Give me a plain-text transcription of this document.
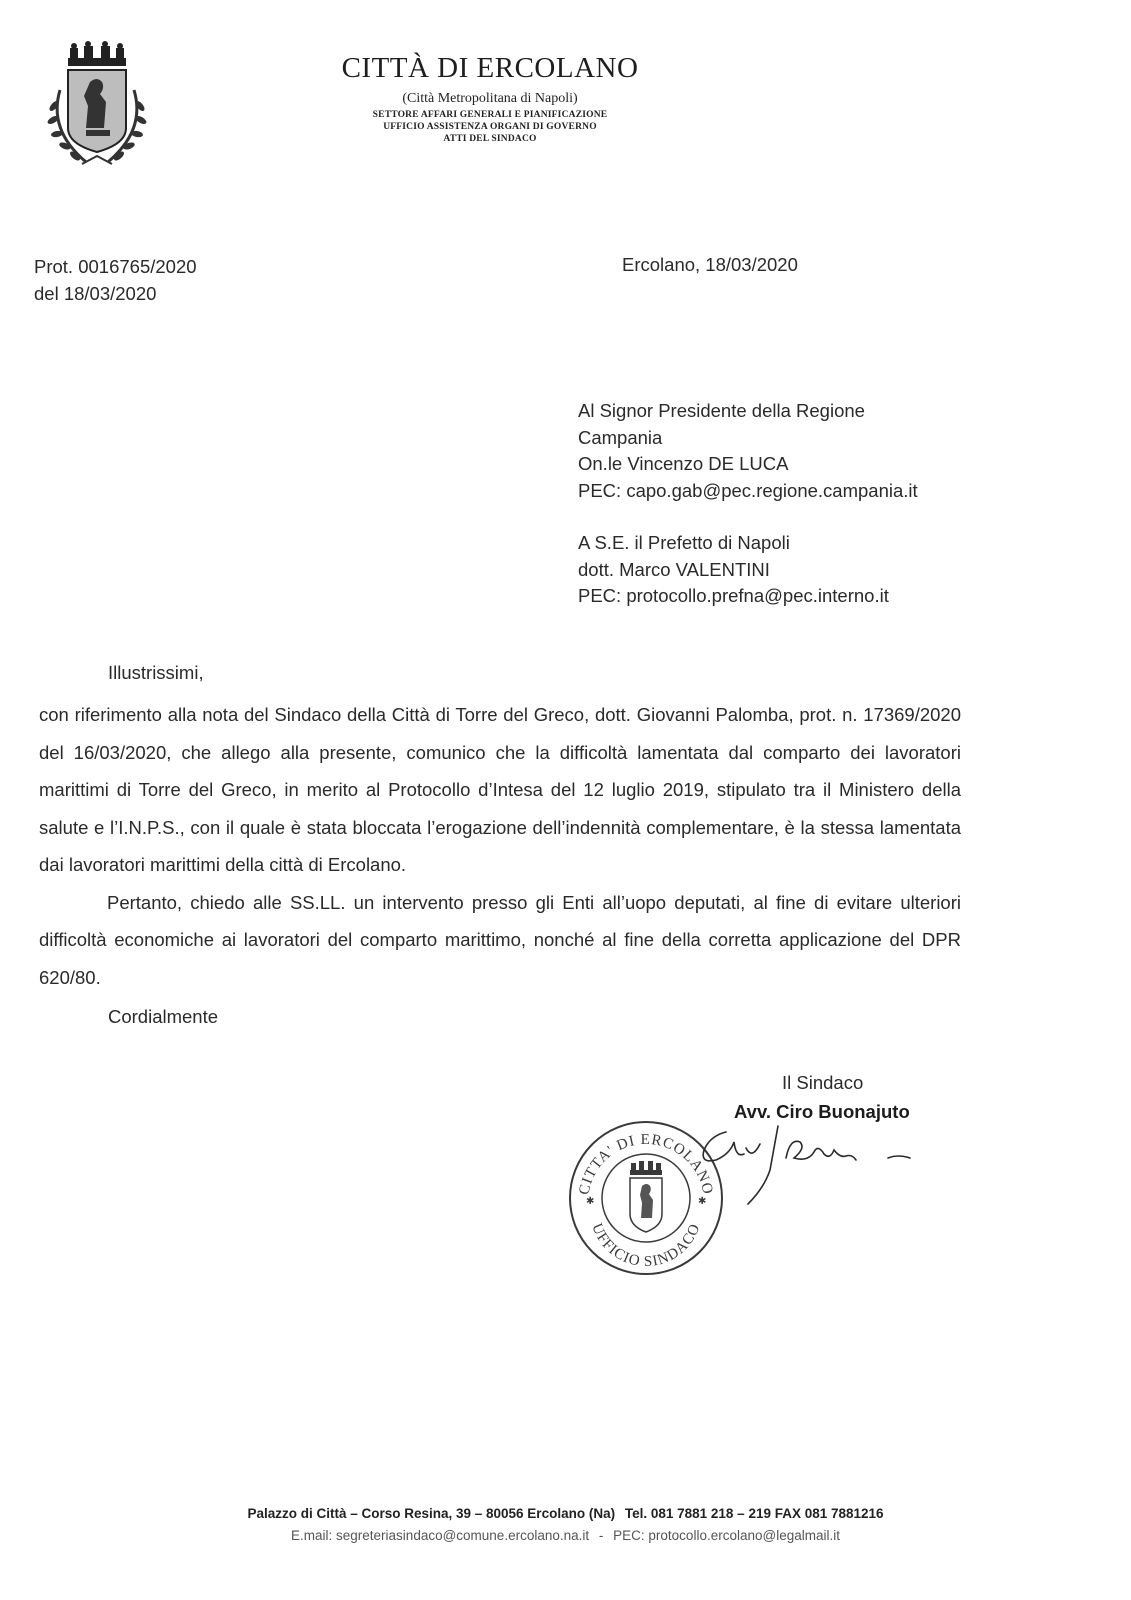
CITTÀ DI ERCOLANO
(Città Metropolitana di Napoli)
SETTORE AFFARI GENERALI E PIANIFICAZIONE
UFFICIO ASSISTENZA ORGANI DI GOVERNO
ATTI DEL SINDACO
Prot. 0016765/2020
del 18/03/2020
Ercolano, 18/03/2020
Al Signor Presidente della Regione
Campania
On.le Vincenzo DE LUCA
PEC: capo.gab@pec.regione.campania.it
A S.E. il Prefetto di Napoli
dott. Marco VALENTINI
PEC: protocollo.prefna@pec.interno.it
Illustrissimi,

con riferimento alla nota del Sindaco della Città di Torre del Greco, dott. Giovanni Palomba, prot. n. 17369/2020 del 16/03/2020, che allego alla presente, comunico che la difficoltà lamentata dal comparto dei lavoratori marittimi di Torre del Greco, in merito al Protocollo d’Intesa del 12 luglio 2019, stipulato tra il Ministero della salute e l’I.N.P.S., con il quale è stata bloccata l’erogazione dell’indennità complementare, è la stessa lamentata dai lavoratori marittimi della città di Ercolano.

Pertanto, chiedo alle SS.LL. un intervento presso gli Enti all’uopo deputati, al fine di evitare ulteriori difficoltà economiche ai lavoratori del comparto marittimo, nonché al fine della corretta applicazione del DPR 620/80.

Cordialmente
Il Sindaco
Avv. Ciro Buonajuto
CITTA' DI ERCOLANO
UFFICIO SINDACO
✱	✱
Palazzo di Città – Corso Resina, 39 – 80056 Ercolano (Na) Tel. 081 7881 218 – 219 FAX 081 7881216
E.mail: segreteriasindaco@comune.ercolano.na.it - PEC: protocollo.ercolano@legalmail.it
